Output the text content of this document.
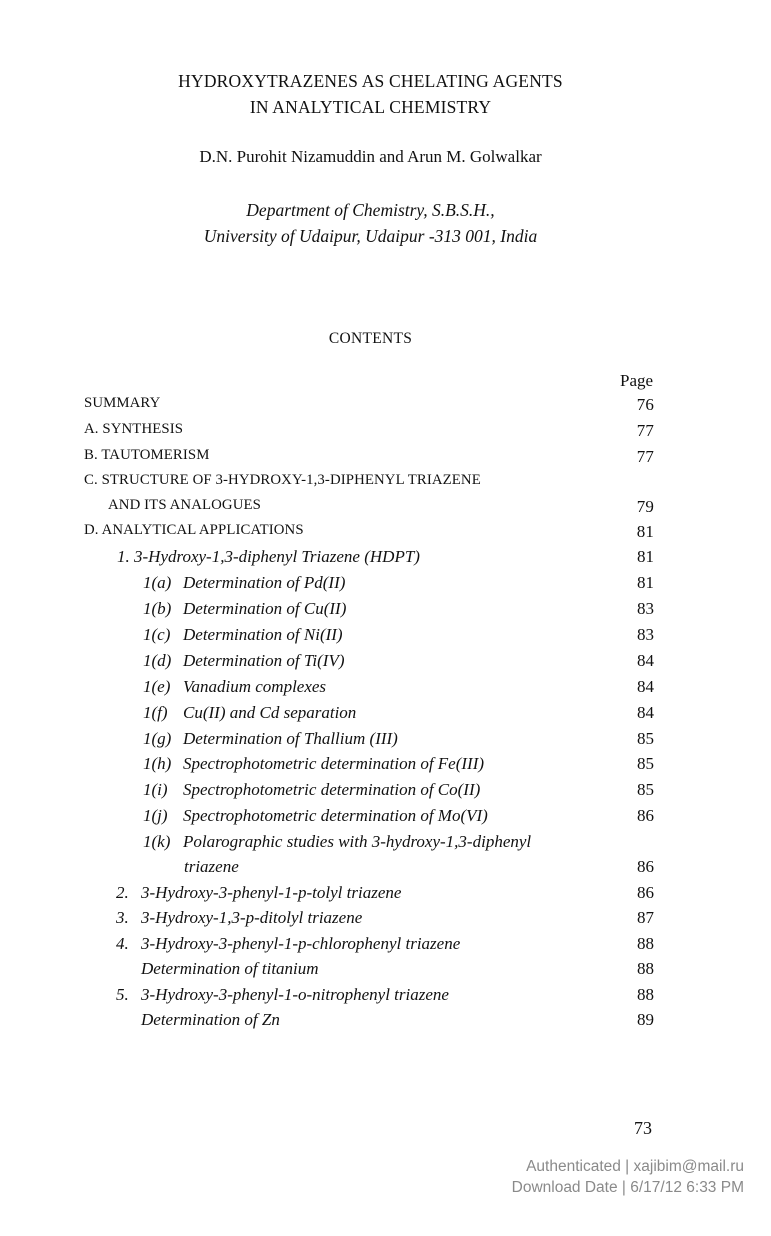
HYDROXYTRAZENES AS CHELATING AGENTS
IN ANALYTICAL CHEMISTRY
D.N. Purohit Nizamuddin and Arun M. Golwalkar
Department of Chemistry, S.B.S.H.,
University of Udaipur, Udaipur -313 001, India
CONTENTS
Page
SUMMARY	76
A. SYNTHESIS	77
B. TAUTOMERISM	77
C. STRUCTURE OF 3-HYDROXY-1,3-DIPHENYL TRIAZENE
AND ITS ANALOGUES	79
D. ANALYTICAL APPLICATIONS	81
1. 3-Hydroxy-1,3-diphenyl Triazene (HDPT)	81
1(a) Determination of Pd(II)	81
1(b) Determination of Cu(II)	83
1(c) Determination of Ni(II)	83
1(d) Determination of Ti(IV)	84
1(e) Vanadium complexes	84
1(f) Cu(II) and Cd separation	84
1(g) Determination of Thallium (III)	85
1(h) Spectrophotometric determination of Fe(III)	85
1(i) Spectrophotometric determination of Co(II)	85
1(j) Spectrophotometric determination of Mo(VI)	86
1(k) Polarographic studies with 3-hydroxy-1,3-diphenyl
triazene	86
2. 3-Hydroxy-3-phenyl-1-p-tolyl triazene	86
3. 3-Hydroxy-1,3-p-ditolyl triazene	87
4. 3-Hydroxy-3-phenyl-1-p-chlorophenyl triazene	88
Determination of titanium	88
5. 3-Hydroxy-3-phenyl-1-o-nitrophenyl triazene	88
Determination of Zn	89
73
Authenticated | xajibim@mail.ru
Download Date | 6/17/12 6:33 PM
